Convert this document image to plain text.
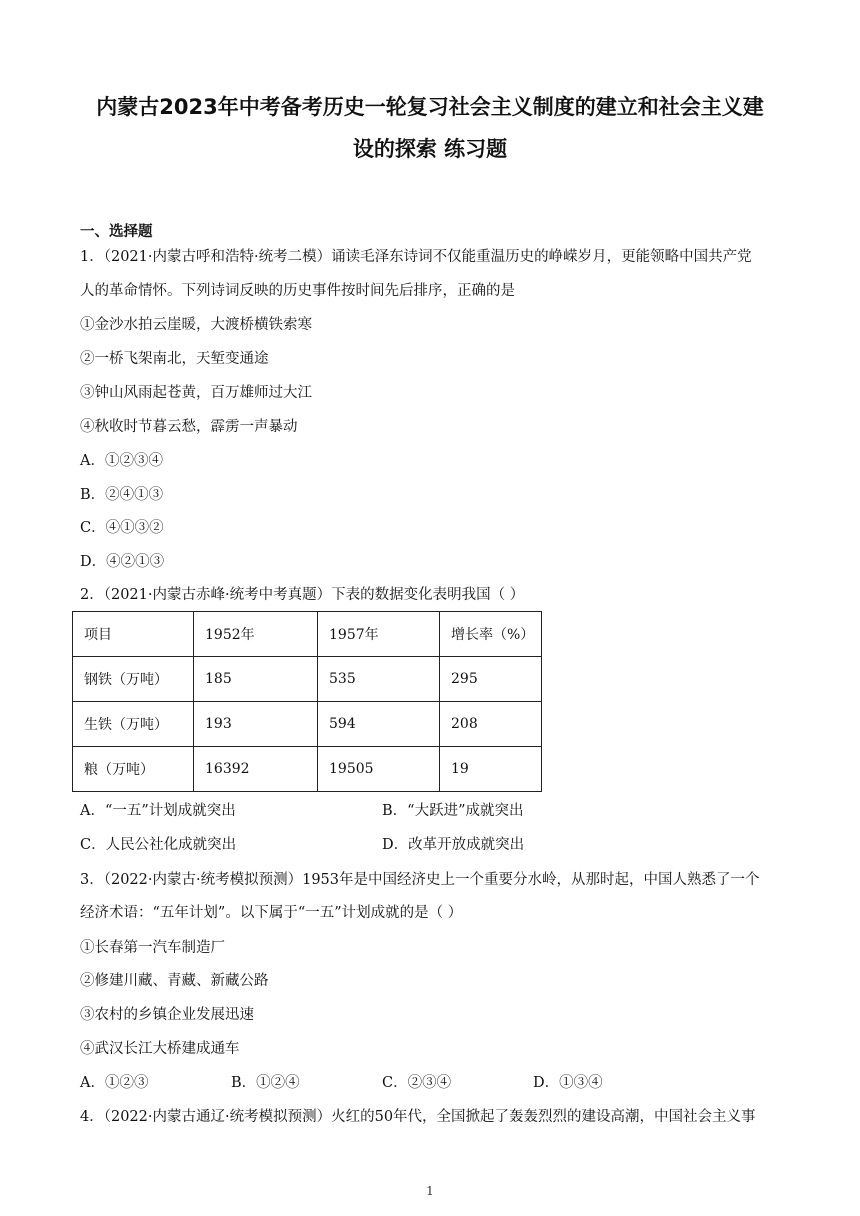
内蒙古2023年中考备考历史一轮复习社会主义制度的建立和社会主义建
设的探索 练习题
一、选择题
1．（2021·内蒙古呼和浩特·统考二模）诵读毛泽东诗词不仅能重温历史的峥嵘岁月，更能领略中国共产党
人的革命情怀。下列诗词反映的历史事件按时间先后排序，正确的是
①金沙水拍云崖暖，大渡桥横铁索寒
②一桥飞架南北，天堑变通途
③钟山风雨起苍黄，百万雄师过大江
④秋收时节暮云愁，霹雳一声暴动
A．①②③④
B．②④①③
C．④①③②
D．④②①③
2．（2021·内蒙古赤峰·统考中考真题）下表的数据变化表明我国（ ）
项目	1952年	1957年	增长率（%）
钢铁（万吨）	185	535	295
生铁（万吨）	193	594	208
粮（万吨）	16392	19505	19
A．“一五”计划成就突出	B．“大跃进”成就突出
C．人民公社化成就突出	D．改革开放成就突出
3．（2022·内蒙古·统考模拟预测）1953年是中国经济史上一个重要分水岭，从那时起，中国人熟悉了一个
经济术语：“五年计划”。以下属于“一五”计划成就的是（ ）
①长春第一汽车制造厂
②修建川藏、青藏、新藏公路
③农村的乡镇企业发展迅速
④武汉长江大桥建成通车
A．①②③	B．①②④	C．②③④	D．①③④
4．（2022·内蒙古通辽·统考模拟预测）火红的50年代，全国掀起了轰轰烈烈的建设高潮，中国社会主义事
1
